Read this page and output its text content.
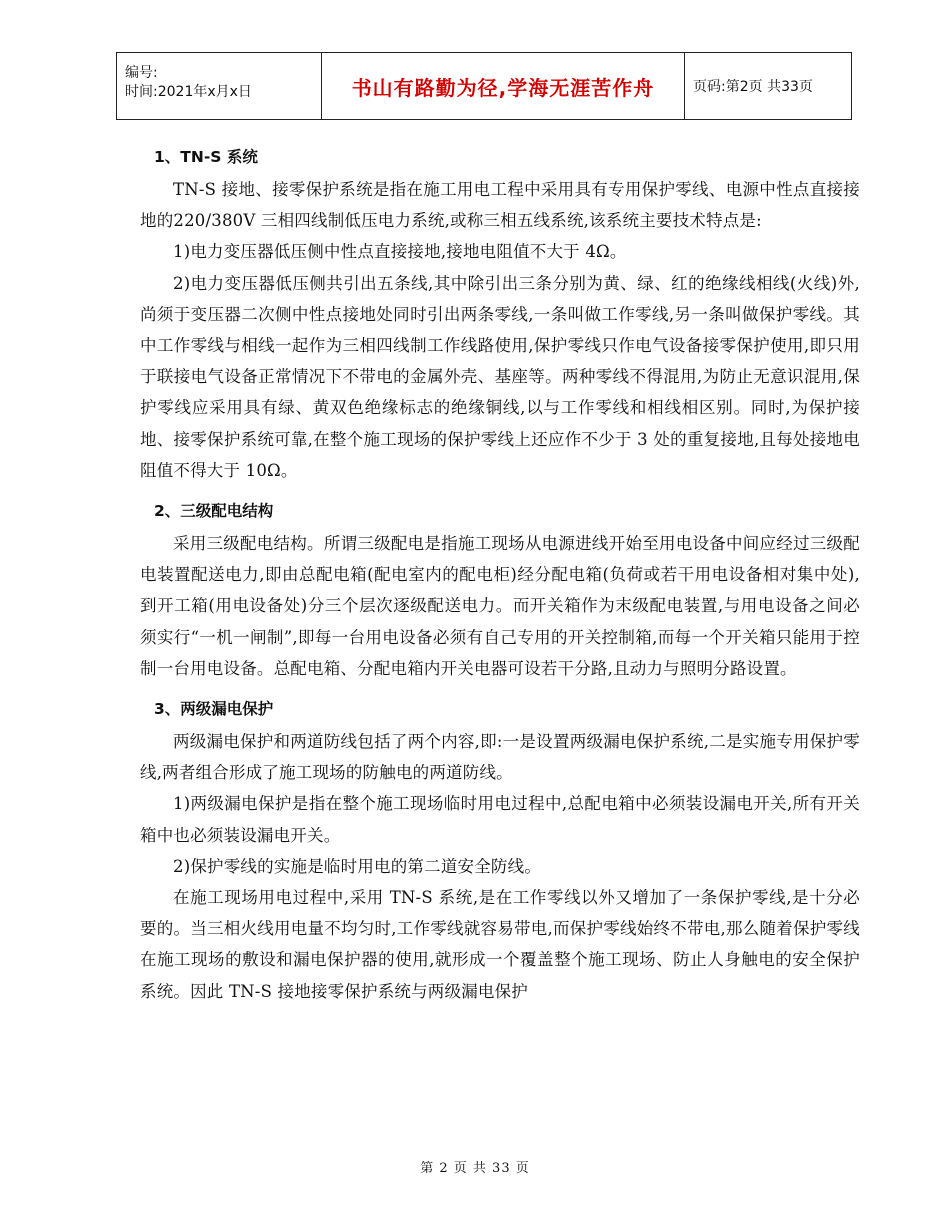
编号:
时间:2021年x月x日	书山有路勤为径,学海无涯苦作舟	页码:第2页 共33页
1、TN-S 系统

TN-S 接地、接零保护系统是指在施工用电工程中采用具有专用保护零线、电源中性点直接接地的220/380V 三相四线制低压电力系统,或称三相五线系统,该系统主要技术特点是:

1)电力变压器低压侧中性点直接接地,接地电阻值不大于 4Ω。

2)电力变压器低压侧共引出五条线,其中除引出三条分别为黄、绿、红的绝缘线相线(火线)外,尚须于变压器二次侧中性点接地处同时引出两条零线,一条叫做工作零线,另一条叫做保护零线。其中工作零线与相线一起作为三相四线制工作线路使用,保护零线只作电气设备接零保护使用,即只用于联接电气设备正常情况下不带电的金属外壳、基座等。两种零线不得混用,为防止无意识混用,保护零线应采用具有绿、黄双色绝缘标志的绝缘铜线,以与工作零线和相线相区别。同时,为保护接地、接零保护系统可靠,在整个施工现场的保护零线上还应作不少于 3 处的重复接地,且每处接地电阻值不得大于 10Ω。

2、三级配电结构

采用三级配电结构。所谓三级配电是指施工现场从电源进线开始至用电设备中间应经过三级配电装置配送电力,即由总配电箱(配电室内的配电柜)经分配电箱(负荷或若干用电设备相对集中处),到开工箱(用电设备处)分三个层次逐级配送电力。而开关箱作为末级配电装置,与用电设备之间必须实行“一机一闸制”,即每一台用电设备必须有自己专用的开关控制箱,而每一个开关箱只能用于控制一台用电设备。总配电箱、分配电箱内开关电器可设若干分路,且动力与照明分路设置。

3、两级漏电保护

两级漏电保护和两道防线包括了两个内容,即:一是设置两级漏电保护系统,二是实施专用保护零线,两者组合形成了施工现场的防触电的两道防线。

1)两级漏电保护是指在整个施工现场临时用电过程中,总配电箱中必须装设漏电开关,所有开关箱中也必须装设漏电开关。

2)保护零线的实施是临时用电的第二道安全防线。

在施工现场用电过程中,采用 TN-S 系统,是在工作零线以外又增加了一条保护零线,是十分必要的。当三相火线用电量不均匀时,工作零线就容易带电,而保护零线始终不带电,那么随着保护零线在施工现场的敷设和漏电保护器的使用,就形成一个覆盖整个施工现场、防止人身触电的安全保护系统。因此 TN-S 接地接零保护系统与两级漏电保护

第 2 页 共 33 页
